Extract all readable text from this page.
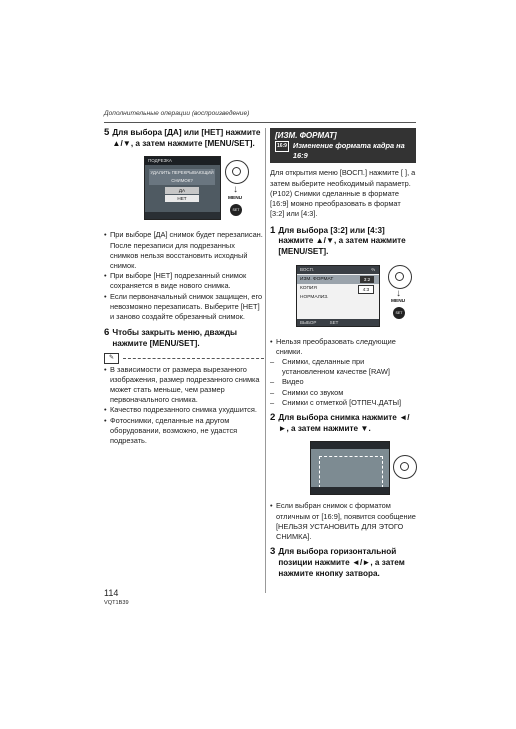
Дополнительные операции (воспроизведение)
5 Для выбора [ДА] или [НЕТ] нажмите ▲/▼, а затем нажмите [MENU/SET].
ПОДРЕЗКА
УДАЛИТЬ ПЕРЕКРЫВАЮЩИЙ СНИМОК?
ДА
НЕТ
↓
MENU
SET

• При выборе [ДА] снимок будет перезаписан. После перезаписи для подрезанных снимков нельзя восстановить исходный снимок.

• При выборе [НЕТ] подрезанный снимок сохраняется в виде нового снимка.

• Если первоначальный снимок защищен, его невозможно перезаписать. Выберите [НЕТ] и заново создайте обрезанный снимок.

6 Чтобы закрыть меню, дважды нажмите [MENU/SET].
✎

• В зависимости от размера вырезанного изображения, размер подрезанного снимка может стать меньше, чем размер первоначального снимка.

• Качество подрезанного снимка ухудшится.

• Фотоснимки, сделанные на другом оборудовании, возможно, не удастся подрезать.

[ИЗМ. ФОРМАТ]
16:9 Изменение формата кадра на 16:9

Для открытия меню [ВОСП.] нажмите [ ], а затем выберите необходимый параметр. (P102) Снимки сделанные в формате [16:9] можно преобразовать в формат [3:2] или [4:3].

1 Для выбора [3:2] или [4:3] нажмите ▲/▼, а затем нажмите [MENU/SET].
ВОСП.	⅔
ИЗМ. ФОРМАТ
КОПИЯ
НОРМАЛИЗ.
3:2
4:3
ВЫБОР	SET
↓
MENU
SET

• Нельзя преобразовать следующие снимки.

– Снимки, сделанные при установленном качестве [RAW]

– Видео

– Снимки со звуком

– Снимки с отметкой [ОТПЕЧ.ДАТЫ]

2 Для выбора снимка нажмите ◄/►, а затем нажмите ▼.

• Если выбран снимок с форматом отличным от [16:9], появится сообщение [НЕЛЬЗЯ УСТАНОВИТЬ ДЛЯ ЭТОГО СНИМКА].

3 Для выбора горизонтальной позиции нажмите ◄/►, а затем нажмите кнопку затвора.
114
VQT1B39
